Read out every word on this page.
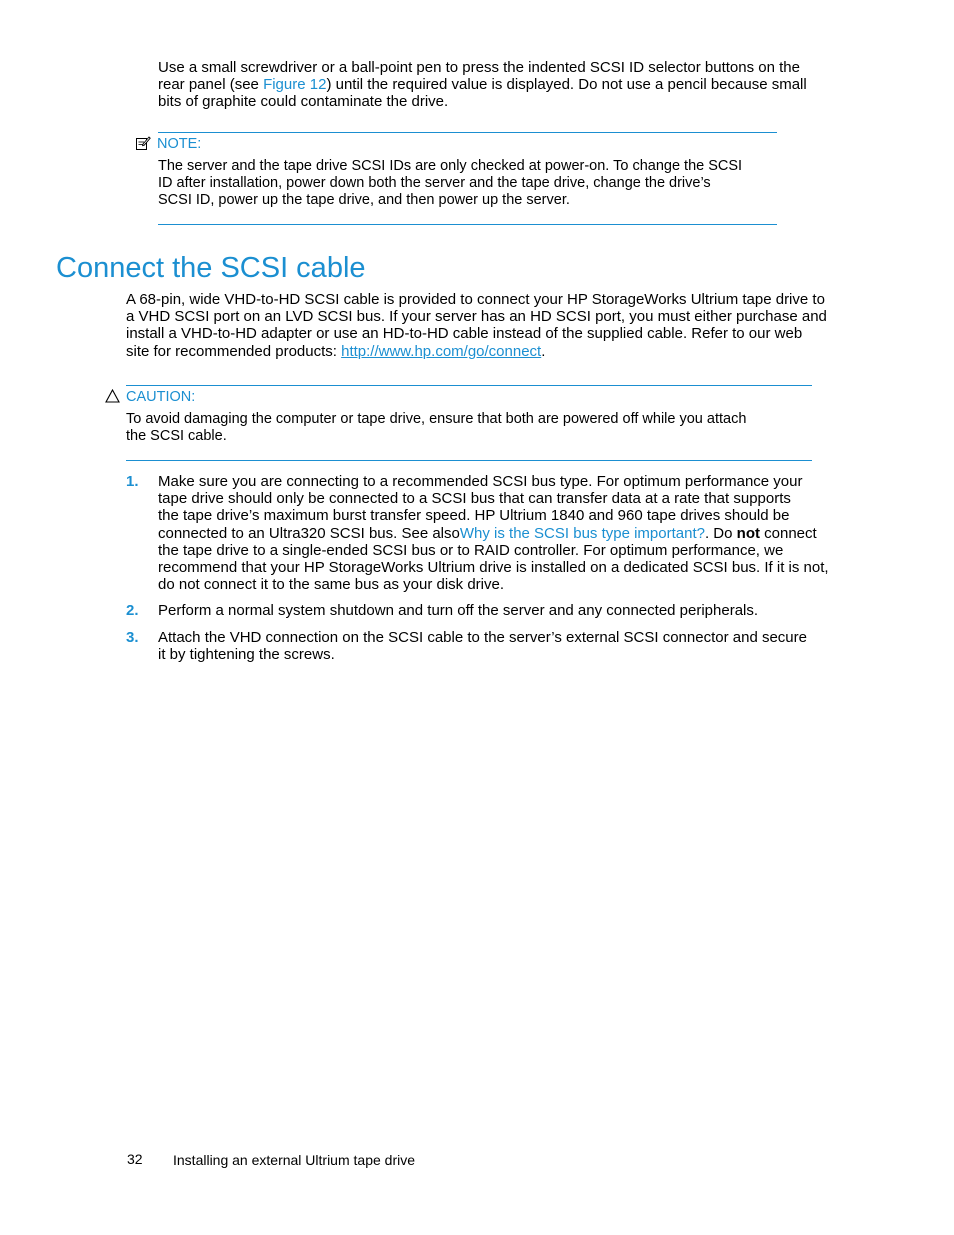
Use a small screwdriver or a ball-point pen to press the indented SCSI ID selector buttons on the
rear panel (see Figure 12) until the required value is displayed. Do not use a pencil because small
bits of graphite could contaminate the drive.
NOTE:
The server and the tape drive SCSI IDs are only checked at power-on. To change the SCSI
ID after installation, power down both the server and the tape drive, change the drive’s
SCSI ID, power up the tape drive, and then power up the server.
Connect the SCSI cable
A 68-pin, wide VHD-to-HD SCSI cable is provided to connect your HP StorageWorks Ultrium tape drive to
a VHD SCSI port on an LVD SCSI bus. If your server has an HD SCSI port, you must either purchase and
install a VHD-to-HD adapter or use an HD-to-HD cable instead of the supplied cable. Refer to our web
site for recommended products: http://www.hp.com/go/connect.
CAUTION:
To avoid damaging the computer or tape drive, ensure that both are powered off while you attach
the SCSI cable.
1. Make sure you are connecting to a recommended SCSI bus type. For optimum performance your
tape drive should only be connected to a SCSI bus that can transfer data at a rate that supports
the tape drive’s maximum burst transfer speed. HP Ultrium 1840 and 960 tape drives should be
connected to an Ultra320 SCSI bus. See alsoWhy is the SCSI bus type important?. Do not connect
the tape drive to a single-ended SCSI bus or to RAID controller. For optimum performance, we
recommend that your HP StorageWorks Ultrium drive is installed on a dedicated SCSI bus. If it is not,
do not connect it to the same bus as your disk drive.
2. Perform a normal system shutdown and turn off the server and any connected peripherals.
3. Attach the VHD connection on the SCSI cable to the server’s external SCSI connector and secure
it by tightening the screws.
32 Installing an external Ultrium tape drive
